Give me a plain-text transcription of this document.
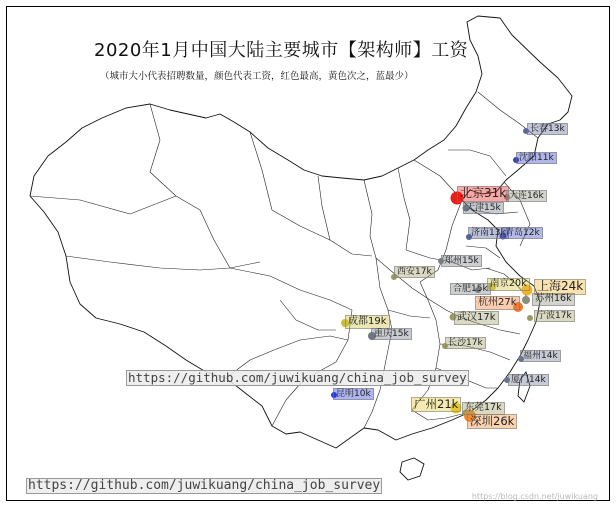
2020年1月中国大陆主要城市【架构师】工资
（城市大小代表招聘数量，颜色代表工资，红色最高，黄色次之，蓝最少）
长春13k
沈阳11k
北京31k 大连16k
天津15k
济南13k 青岛12k
郑州15k
西安17k
南京20k
合肥15k	上海24k
杭州27k	苏州16k
武汉17k	宁波17k
成都19k
重庆15k
长沙17k
福州14k
厦门14k
昆明10k
广州21k 东莞17k
深圳26k
https://github.com/juwikuang/china_job_survey
https://github.com/juwikuang/china_job_survey
https://blog.csdn.net/juwikuang
